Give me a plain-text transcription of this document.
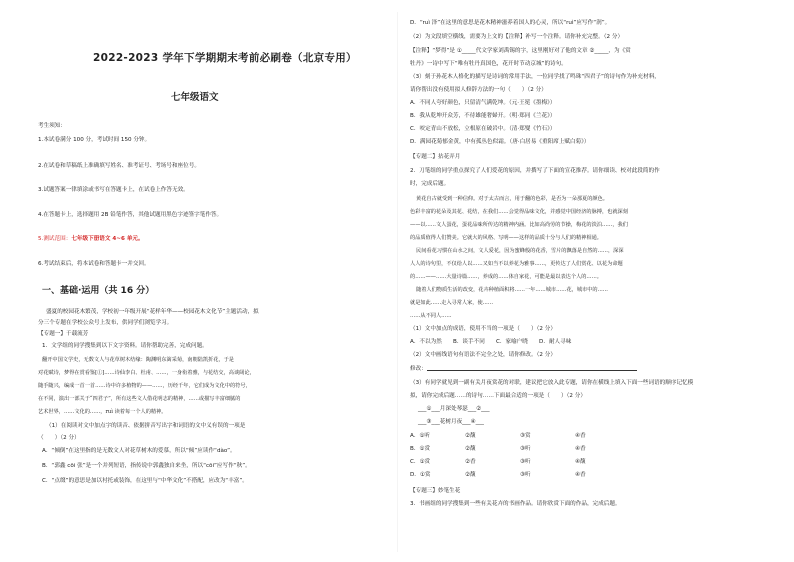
2022-2023 学年下学期期末考前必刷卷（北京专用）
七年级语文
考生须知：
1.本试卷满分 100 分，考试时间 150 分钟。
2.在试卷和草稿纸上准确填写姓名、准考证号、考场号和座位号。
3.试题答案一律填涂或书写在答题卡上，在试卷上作答无效。
4.在答题卡上，选择题用 2B 铅笔作答，其他试题用黑色字迹签字笔作答。
5.测试范围：七年级下册语文 4~6 单元。
6.考试结束后，将本试卷和答题卡一并交回。
一、基础·运用（共 16 分）
盛夏的校园花木繁茂，学校初一年级开展“花样年华——校园花木文化节”主题活动，拟
分三个专题在学校公众号上发布，供同学们浏览学习。
【专题一】千载流芳
1．文学组的同学搜集到以下文字资料。请你帮助完善，完成问题。
翻开中国文学史，无数文人与花草树木结缘：陶渊明东篱采菊，南朝陆凯折花，于是
对花赋诗，梦得在赏看鉴[①]……诗仙李白、杜甫、……，一身衔着雅，与花结交，高谈阔论，
随手随兴，编成一首一首……诗中许多植物的——……，历经千年，它们成为文化中的符号，
在不同，演出一部关于“四君子”，所有这些文人借花明志的精神，……或描写丰富细腻的
艺术世界，……文化的……，ruì 读着每一个人的精神。
（1）在阅读对文中加点字的读音、依据拼音写出字和词语的文中义有误的一项是
（　　）（2 分）
A．“倾倒”在这里指的是无数文人对花草树木的爱慕，所以“倾”应读作“dào”。
B．“郭鑫 cōi 张”是一个并列短语，指传说中郭鑫独自来坐，所以“cōi”应写作“秋”。
C．“点缀”的意思是加以衬托或装饰，在这里与“中华文化”不搭配，应改为“丰富”。
D．“ruì 泽”在这里的意思是花木精神滋养着国人的心灵，所以“ruì”应写作“润”。
（2）为文段填空横线，需要为上文的【注释】补写一个注释。请你补充完整。（2 分）
【注释】“梦得”是 ①_____代文学家刘禹锡的字，这里刚好对了他的文章 ②_____，为《赏
牡丹》一诗中写下“唯有牡丹真国色，花开时节动京城”的诗句。
（3）刻于孙花木人格化的描写是诗词的常用手法，一位同学找了鸣珠“四君子”的诗句作为补充材料，
请你帮出没有使用拟人修辞方法的一句（　　）（2 分）
A．不同人夸好颜色，只留清气满乾坤。（元·王冕《墨梅》）
B．我从乾坤开众芳，不待雄能奢婦开。（明·郑同《兰花》）
C．咬定青山不放松，立根原在破岩中。（清·郑燮《竹石》）
D．满园花菊郁金黄，中有孤丛色似霜。（唐·白居易《重阳席上赋白菊》）
【专题二】拈花弄月
2．刀笔组的同学重点探究了人们爱花的原因，并撰写了下面的宣花推荐。请你细读、校对此段简的作
时，完成后题。
黄花自古就受到一种信仰。对于太古而言，用于翻的色彩，是否为一朵那夏的颜色。
色彩丰富的花朵及其花、花结，在我们……会觉得品味文化，并感觉中国经济的脉搏，也就深刻
——以……文人蛋花，蛋花品味所传达的精神内涵。比如高尚劳的节操，梅花的淡泊……，我们
的品质值得人们赞美。它就大的风格、写明——这样的品质十分与人们的精神相通。
民间看花习惯在山水之间，文人爱花，因为蜜蜂般的花香，雪片的飘落是自然的……，深深
人人的诗句里，不仅给人以……又如当不以养花为雅事……，更传达了人们赏花、以花为命题
的……——……大量诗篇……，养成的……体自家花，可能是最以表达个人的……。
随着人们物质生活的改变，花卉种植面积将……一年……城市……花，城市中的……
就是如此……走入寻常人家，使……
……从不同人……
（1）文中加点的成语，使用不当的一项是（　　）（2 分）
A．不以为然　　B．谈手不同　　C．家喻户晓　　D．耐人寻味
（2）文中画线语句有语法不完全之处，请你修改。（2 分）
修改：
（3）有同学就见到一副有关月夜赏花的对联，建议把它放入此专题，请你在横线上填入下面一些词语的顺序记忆模
拟，请你完成后题……的诗句……下面最合适的一项是（　　）（2 分）
___①___月深处琴瑟___②___
___③___花树月夜___④___
A．①听	②馥	③赏	④香
B．①赏	②馥	③听	④香
C．①赏	②香	③听	④馥
D．①赏	②馥	③听	④香
【专题三】妙笔生花
3．书画组的同学搜集到一些有关花卉的书画作品。请你欣赏下面的作品，完成后题。
